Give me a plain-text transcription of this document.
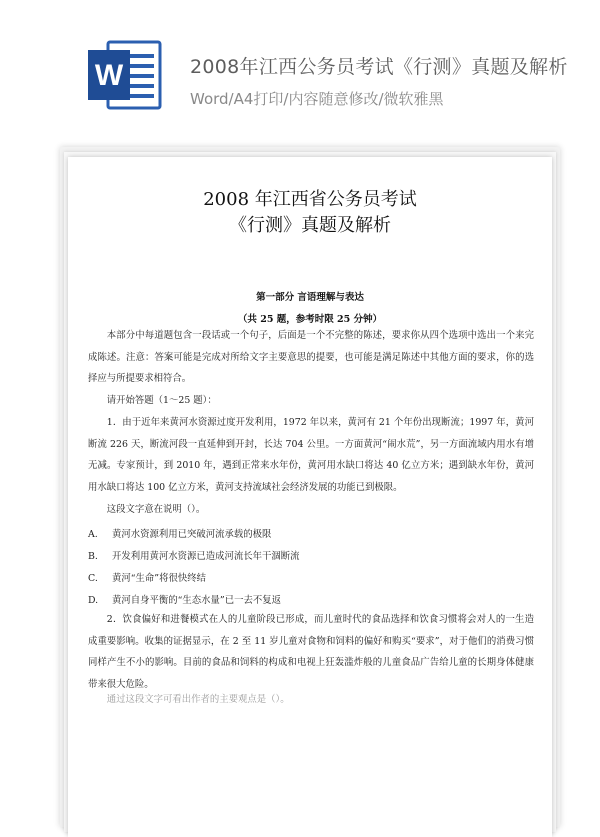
W	2008年江西公务员考试《行测》真题及解析
Word/A4打印/内容随意修改/微软雅黑
2008 年江西省公务员考试
《行测》真题及解析
第一部分 言语理解与表达
（共 25 题，参考时限 25 分钟）
本部分中每道题包含一段话或一个句子，后面是一个不完整的陈述，要求你从四个选项中选出一个来完成陈述。注意：答案可能是完成对所给文字主要意思的提要，也可能是满足陈述中其他方面的要求，你的选择应与所提要求相符合。
请开始答题（1～25 题）：
1．由于近年来黄河水资源过度开发利用，1972 年以来，黄河有 21 个年份出现断流；1997 年，黄河断流 226 天，断流河段一直延伸到开封，长达 704 公里。一方面黄河“闹水荒”，另一方面流域内用水有增无减。专家预计，到 2010 年，遇到正常来水年份，黄河用水缺口将达 40 亿立方米；遇到缺水年份，黄河用水缺口将达 100 亿立方米，黄河支持流域社会经济发展的功能已到极限。
这段文字意在说明（）。
A. 黄河水资源利用已突破河流承载的极限
B. 开发利用黄河水资源已造成河流长年干涸断流
C. 黄河“生命”将很快终结
D. 黄河自身平衡的“生态水量”已一去不复返
2．饮食偏好和进餐模式在人的儿童阶段已形成，而儿童时代的食品选择和饮食习惯将会对人的一生造成重要影响。收集的证据显示，在 2 至 11 岁儿童对食物和饲料的偏好和购买“要求”，对于他们的消费习惯同样产生不小的影响。目前的食品和饲料的构成和电视上狂轰滥炸般的儿童食品广告给儿童的长期身体健康带来很大危险。
通过这段文字可看出作者的主要观点是（）。
